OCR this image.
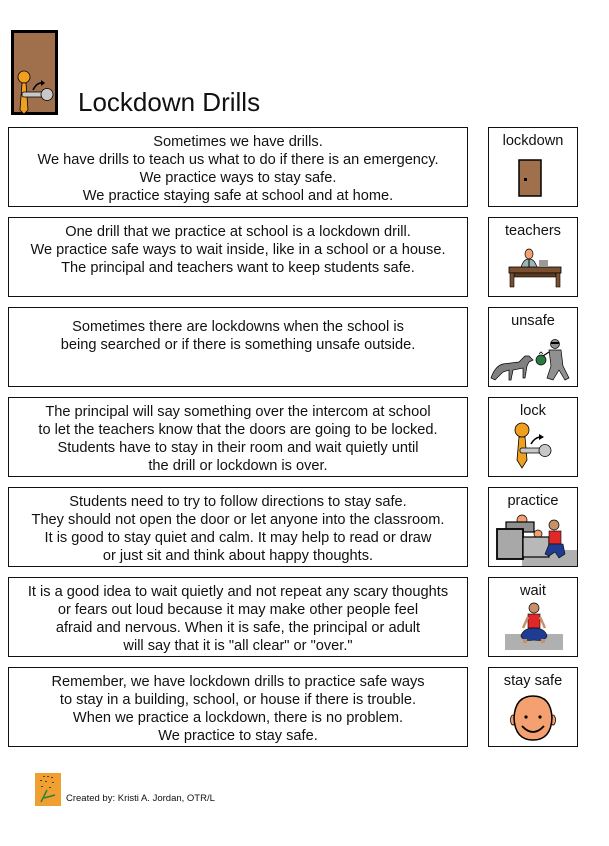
Lockdown Drills
Sometimes we have drills.
We have drills to teach us what to do if there is an emergency.
We practice ways to stay safe.
We practice staying safe at school and at home.
lockdown
One drill that we practice at school is a lockdown drill.
We practice safe ways to wait inside, like in a school or a house.
The principal and teachers want to keep students safe.
teachers
Sometimes there are lockdowns when the school is
being searched or if there is something unsafe outside.
unsafe
The principal will say something over the intercom at school
to let the teachers know that the doors are going to be locked.
Students have to stay in their room and wait quietly until
the drill or lockdown is over.
lock
Students need to try to follow directions to stay safe.
They should not open the door or let anyone into the classroom.
It is good to stay quiet and calm. It may help to read or draw
or just sit and think about happy thoughts.
practice
It is a good idea to wait quietly and not repeat any scary thoughts
or fears out loud because it may make other people feel
afraid and nervous. When it is safe, the principal or adult
will say that it is "all clear" or "over."
wait
Remember, we have lockdown drills to practice safe ways
to stay in a building, school, or house if there is trouble.
When we practice a lockdown, there is no problem.
We practice to stay safe.
stay safe
Created by: Kristi A. Jordan, OTR/L
